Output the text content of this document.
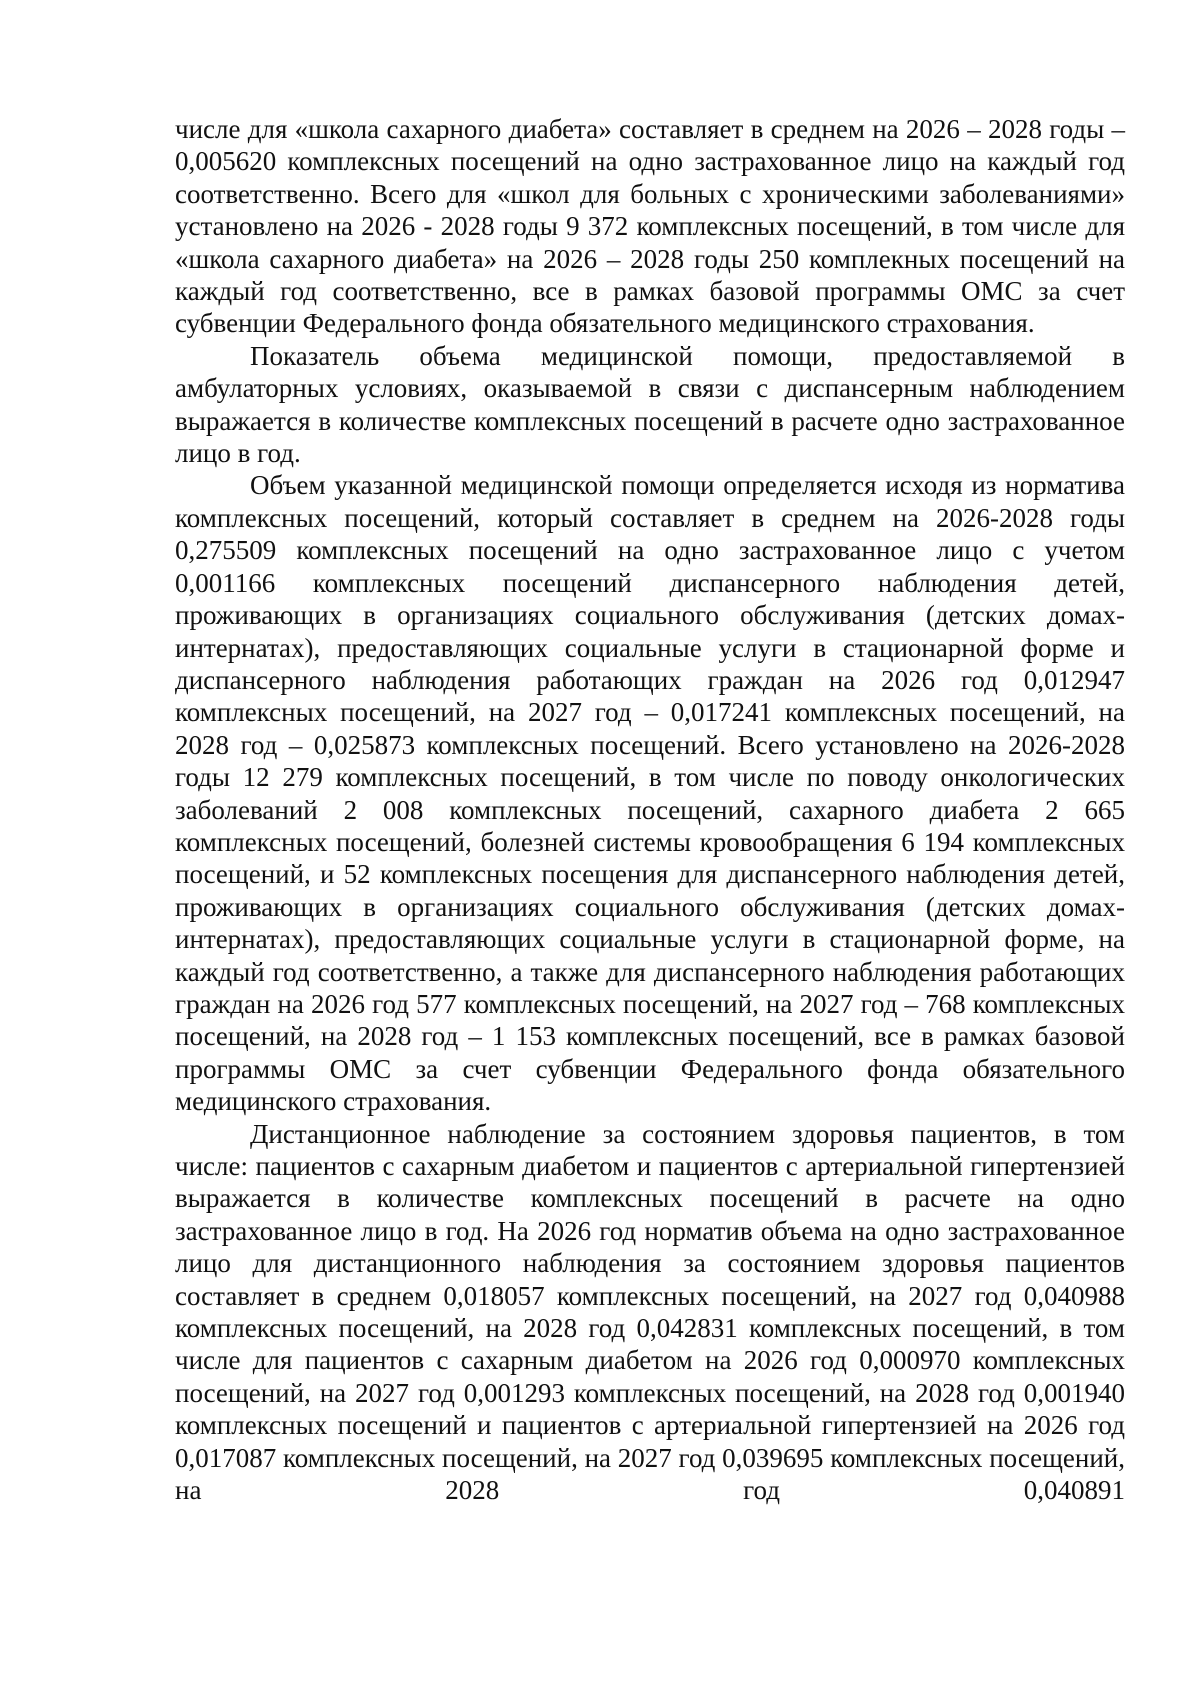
числе для «школа сахарного диабета» составляет в среднем на 2026 – 2028 годы – 0,005620 комплексных посещений на одно застрахованное лицо на каждый год соответственно. Всего для «школ для больных с хроническими заболеваниями» установлено на 2026 - 2028 годы 9 372 комплексных посещений, в том числе для «школа сахарного диабета» на 2026 – 2028 годы 250 комплекных посещений на каждый год соответственно, все в рамках базовой программы ОМС за счет субвенции Федерального фонда обязательного медицинского страхования.

Показатель объема медицинской помощи, предоставляемой в амбулаторных условиях, оказываемой в связи с диспансерным наблюдением выражается в количестве комплексных посещений в расчете одно застрахованное лицо в год.

Объем указанной медицинской помощи определяется исходя из норматива комплексных посещений, который составляет в среднем на 2026-2028 годы 0,275509 комплексных посещений на одно застрахованное лицо с учетом 0,001166 комплексных посещений диспансерного наблюдения детей, проживающих в организациях социального обслуживания (детских домах-интернатах), предоставляющих социальные услуги в стационарной форме и диспансерного наблюдения работающих граждан на 2026 год 0,012947 комплексных посещений, на 2027 год – 0,017241 комплексных посещений, на 2028 год – 0,025873 комплексных посещений. Всего установлено на 2026-2028 годы 12 279 комплексных посещений, в том числе по поводу онкологических заболеваний 2 008 комплексных посещений, сахарного диабета 2 665 комплексных посещений, болезней системы кровообращения 6 194 комплексных посещений, и 52 комплексных посещения для диспансерного наблюдения детей, проживающих в организациях социального обслуживания (детских домах-интернатах), предоставляющих социальные услуги в стационарной форме, на каждый год соответственно, а также для диспансерного наблюдения работающих граждан на 2026 год 577 комплексных посещений, на 2027 год – 768 комплексных посещений, на 2028 год – 1 153 комплексных посещений, все в рамках базовой программы ОМС за счет субвенции Федерального фонда обязательного медицинского страхования.

Дистанционное наблюдение за состоянием здоровья пациентов, в том числе: пациентов с сахарным диабетом и пациентов с артериальной гипертензией выражается в количестве комплексных посещений в расчете на одно застрахованное лицо в год. На 2026 год норматив объема на одно застрахованное лицо для дистанционного наблюдения за состоянием здоровья пациентов составляет в среднем 0,018057 комплексных посещений, на 2027 год 0,040988 комплексных посещений, на 2028 год 0,042831 комплексных посещений, в том числе для пациентов с сахарным диабетом на 2026 год 0,000970 комплексных посещений, на 2027 год 0,001293 комплексных посещений, на 2028 год 0,001940 комплексных посещений и пациентов с артериальной гипертензией на 2026 год 0,017087 комплексных посещений, на 2027 год 0,039695 комплексных посещений, на 2028 год 0,040891
